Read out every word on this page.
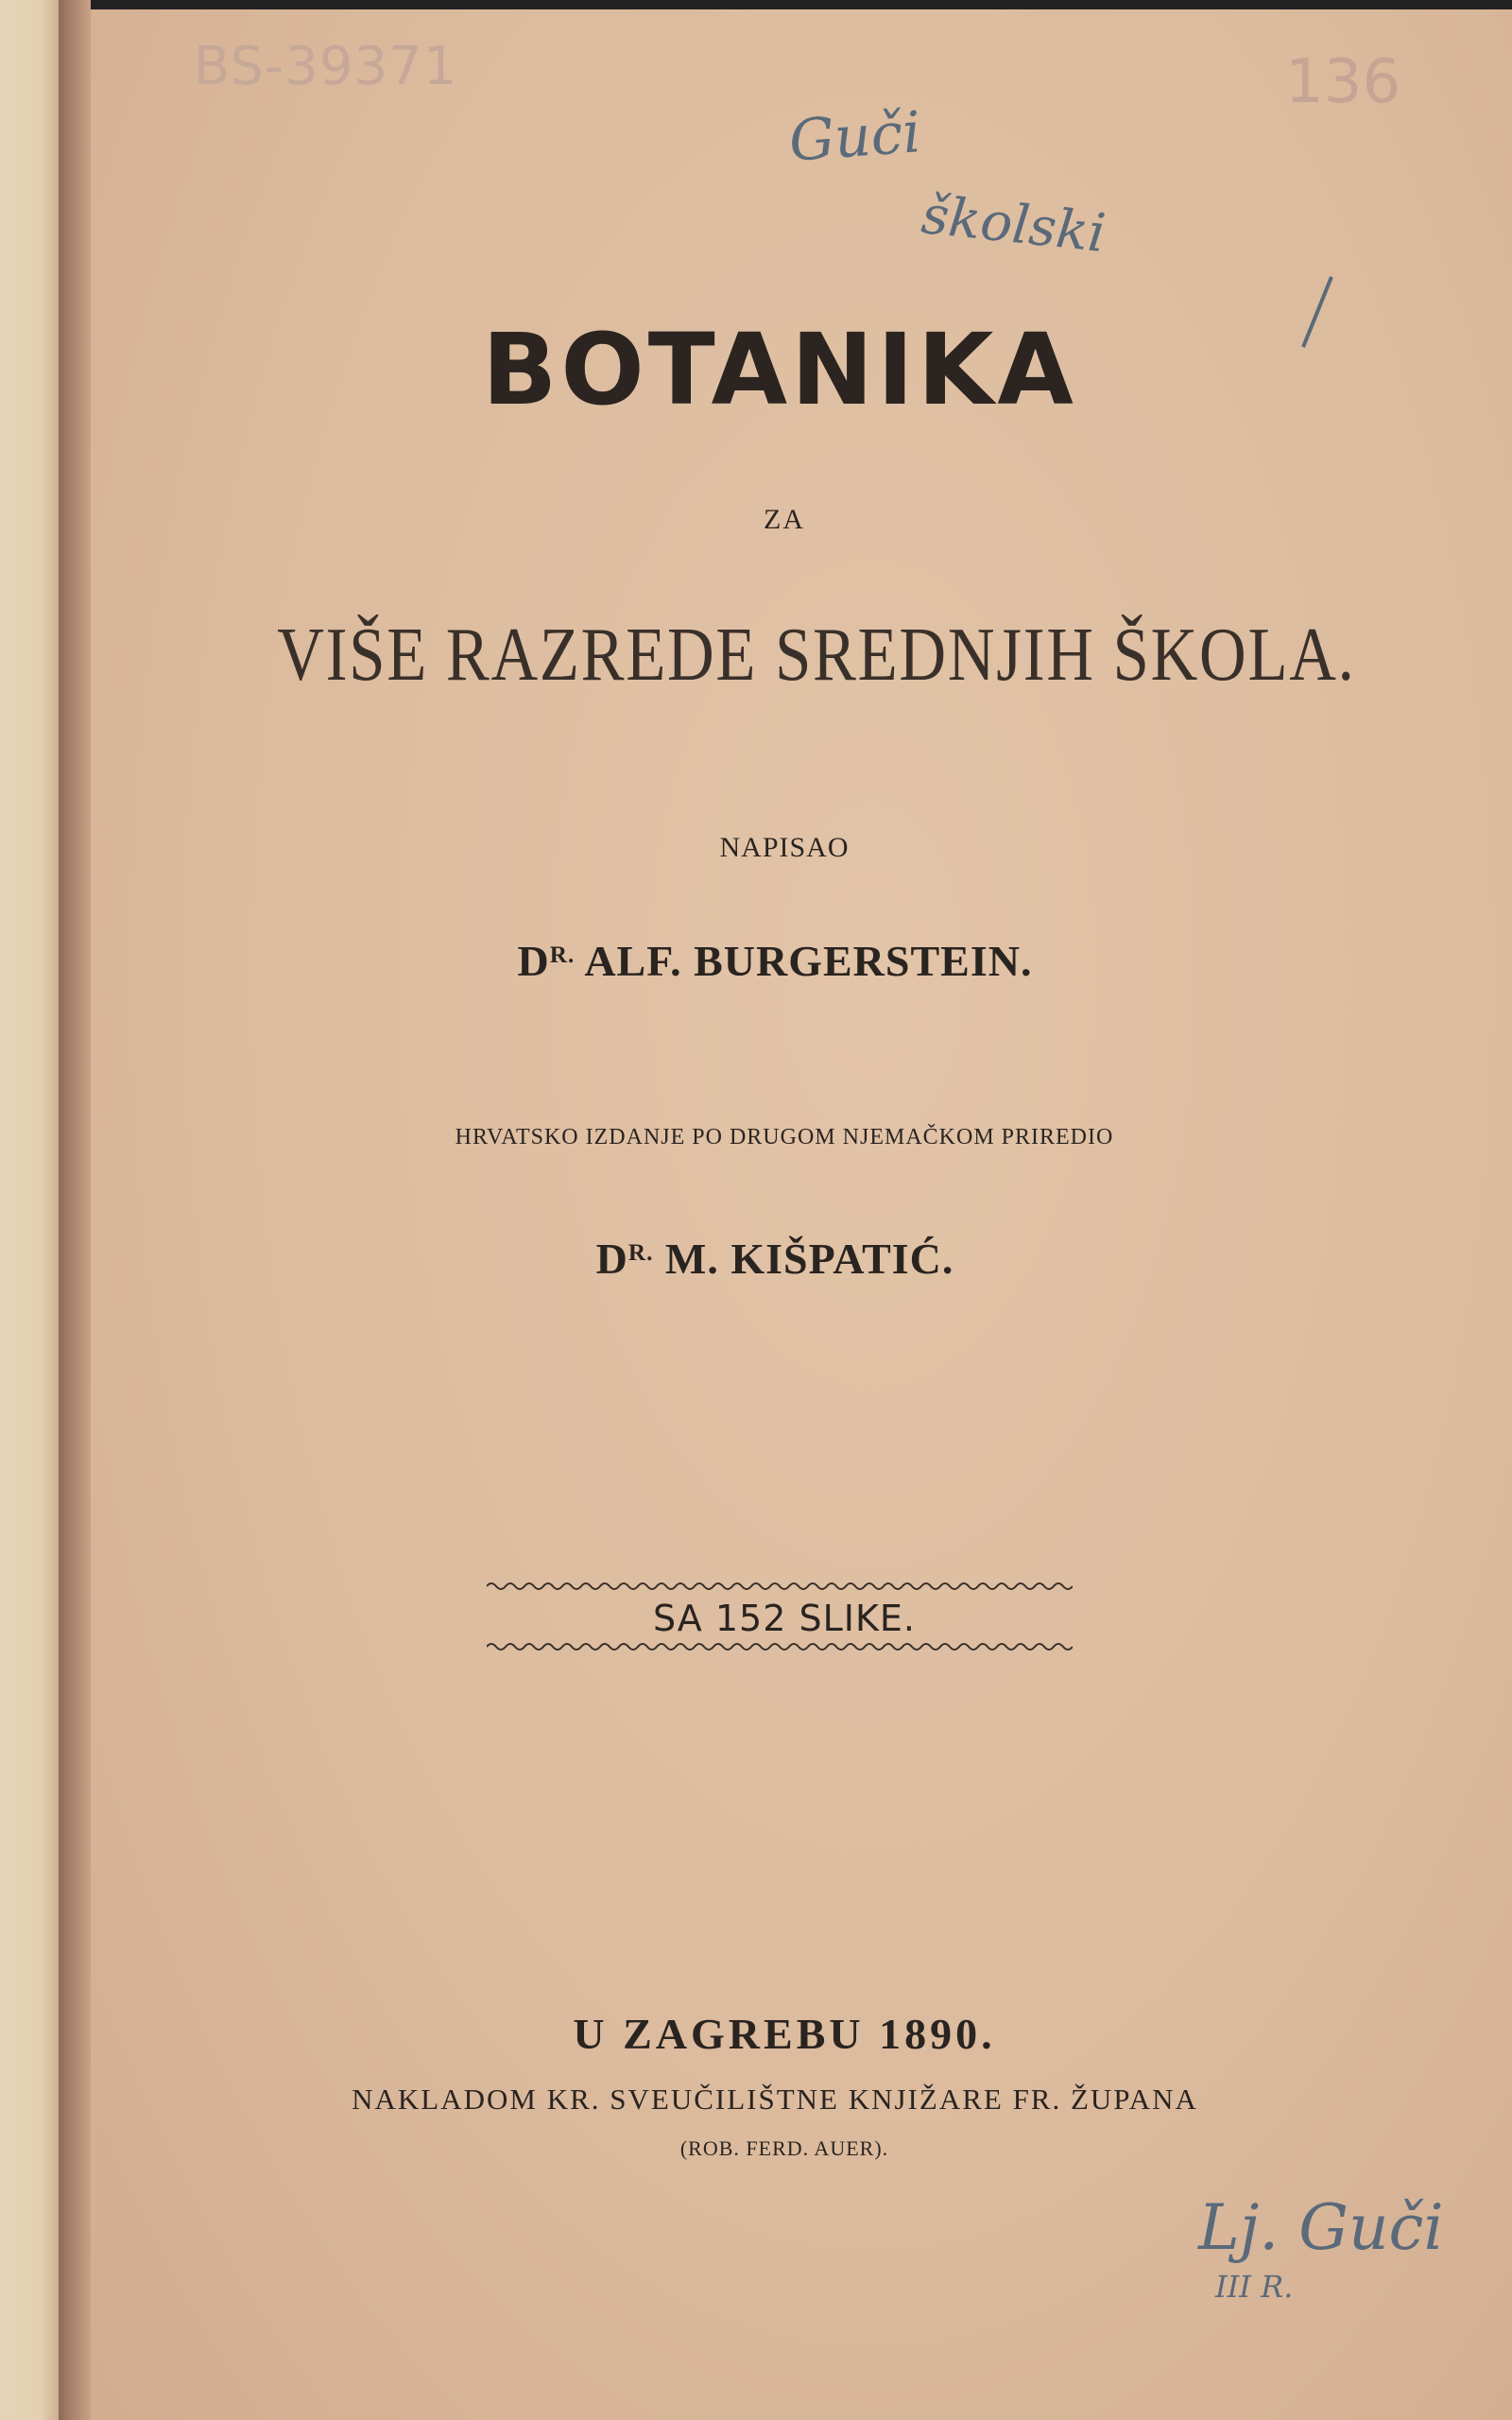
BS-39371	136
Guči
školski
BOTANIKA
ZA
VIŠE RAZREDE SREDNJIH ŠKOLA.
NAPISAO
$D^{R.}$ ALF. BURGERSTEIN.
HRVATSKO IZDANJE PO DRUGOM NJEMAČKOM PRIREDIO
$D^{R.}$ M. KIŠPATIĆ.
SA 152 SLIKE.
U ZAGREBU 1890.
NAKLADOM KR. SVEUČILIŠTNE KNJIŽARE FR. ŽUPANA
(ROB. FERD. AUER).
Lj. Guči
III R.
